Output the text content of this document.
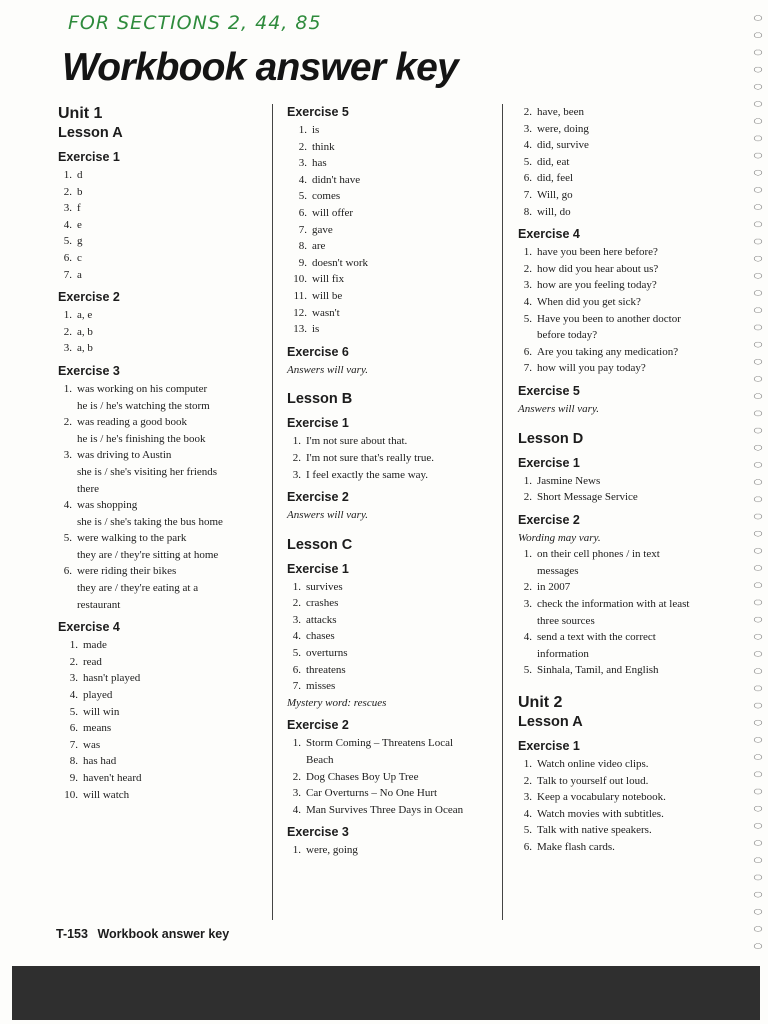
FOR SECTIONS 2, 44, 85
Workbook answer key
Unit 1
Lesson A
Exercise 1
1. d
2. b
3. f
4. e
5. g
6. c
7. a
Exercise 2
1. a, e
2. a, b
3. a, b
Exercise 3
1. was working on his computer
he is / he's watching the storm
2. was reading a good book
he is / he's finishing the book
3. was driving to Austin
she is / she's visiting her friends
there
4. was shopping
she is / she's taking the bus home
5. were walking to the park
they are / they're sitting at home
6. were riding their bikes
they are / they're eating at a
restaurant
Exercise 4
1. made
2. read
3. hasn't played
4. played
5. will win
6. means
7. was
8. has had
9. haven't heard
10. will watch
Exercise 5
1. is
2. think
3. has
4. didn't have
5. comes
6. will offer
7. gave
8. are
9. doesn't work
10. will fix
11. will be
12. wasn't
13. is
Exercise 6
Answers will vary.
Lesson B
Exercise 1
1. I'm not sure about that.
2. I'm not sure that's really true.
3. I feel exactly the same way.
Exercise 2
Answers will vary.
Lesson C
Exercise 1
1. survives
2. crashes
3. attacks
4. chases
5. overturns
6. threatens
7. misses
Mystery word: rescues
Exercise 2
1. Storm Coming – Threatens Local
Beach
2. Dog Chases Boy Up Tree
3. Car Overturns – No One Hurt
4. Man Survives Three Days in Ocean
Exercise 3
1. were, going
2. have, been
3. were, doing
4. did, survive
5. did, eat
6. did, feel
7. Will, go
8. will, do
Exercise 4
1. have you been here before?
2. how did you hear about us?
3. how are you feeling today?
4. When did you get sick?
5. Have you been to another doctor
before today?
6. Are you taking any medication?
7. how will you pay today?
Exercise 5
Answers will vary.
Lesson D
Exercise 1
1. Jasmine News
2. Short Message Service
Exercise 2
Wording may vary.
1. on their cell phones / in text
messages
2. in 2007
3. check the information with at least
three sources
4. send a text with the correct
information
5. Sinhala, Tamil, and English
Unit 2
Lesson A
Exercise 1
1. Watch online video clips.
2. Talk to yourself out loud.
3. Keep a vocabulary notebook.
4. Watch movies with subtitles.
5. Talk with native speakers.
6. Make flash cards.
T-153 Workbook answer key
